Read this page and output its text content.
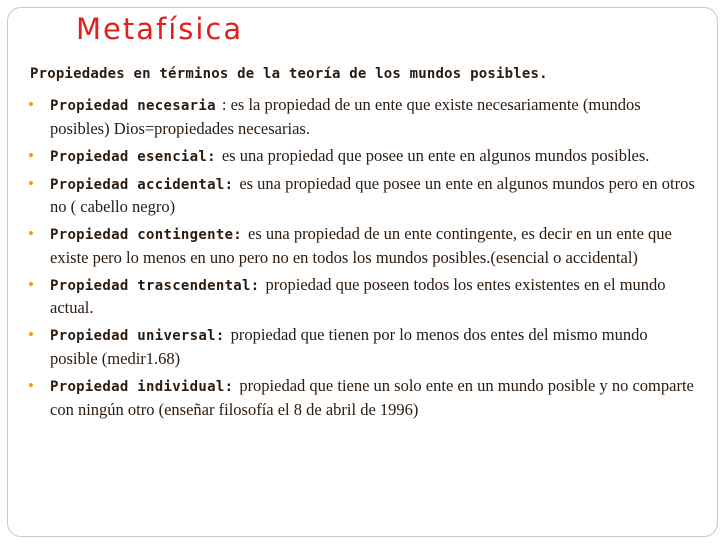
Metafísica
Propiedades en términos de la teoría de los mundos posibles.
• Propiedad necesaria : es la propiedad de un ente que existe necesariamente (mundos posibles) Dios=propiedades necesarias.
• Propiedad esencial: es una propiedad que posee un ente en algunos mundos posibles.
• Propiedad accidental: es una propiedad que posee un ente en algunos mundos pero en otros no ( cabello negro)
• Propiedad contingente: es una propiedad de un ente contingente, es decir en un ente que existe pero lo menos en uno pero no en todos los mundos posibles.(esencial o accidental)
• Propiedad trascendental: propiedad que poseen todos los entes existentes en el mundo actual.
• Propiedad universal: propiedad que tienen por lo menos dos entes del mismo mundo posible (medir1.68)
• Propiedad individual: propiedad que tiene un solo ente en un mundo posible y no comparte con ningún otro (enseñar filosofía el 8 de abril de 1996)
